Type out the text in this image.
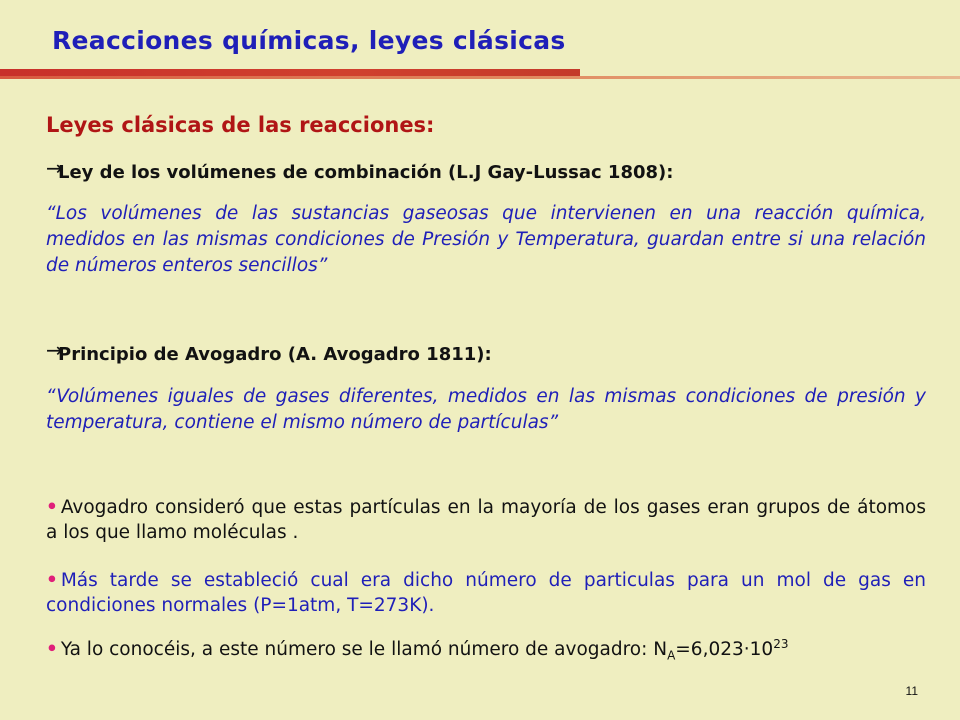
Reacciones químicas, leyes clásicas
Leyes clásicas de las reacciones:
→
Ley de los volúmenes de combinación (L.J Gay-Lussac 1808):
“Los volúmenes de las sustancias gaseosas que intervienen en una reacción química, medidos en las mismas condiciones de Presión y Temperatura, guardan entre si una relación de números enteros sencillos”
→
Principio de Avogadro (A. Avogadro 1811):
“Volúmenes iguales de gases diferentes, medidos en las mismas condiciones de presión y temperatura, contiene el mismo número de partículas”
• Avogadro consideró que estas partículas en la mayoría de los gases eran grupos de átomos a los que llamo moléculas .
• Más tarde se estableció cual era dicho número de particulas para un mol de gas en condiciones normales (P=1atm, T=273K).
• Ya lo conocéis, a este número se le llamó número de avogadro: $N_A=6,023\cdot 10^{23}$
11
